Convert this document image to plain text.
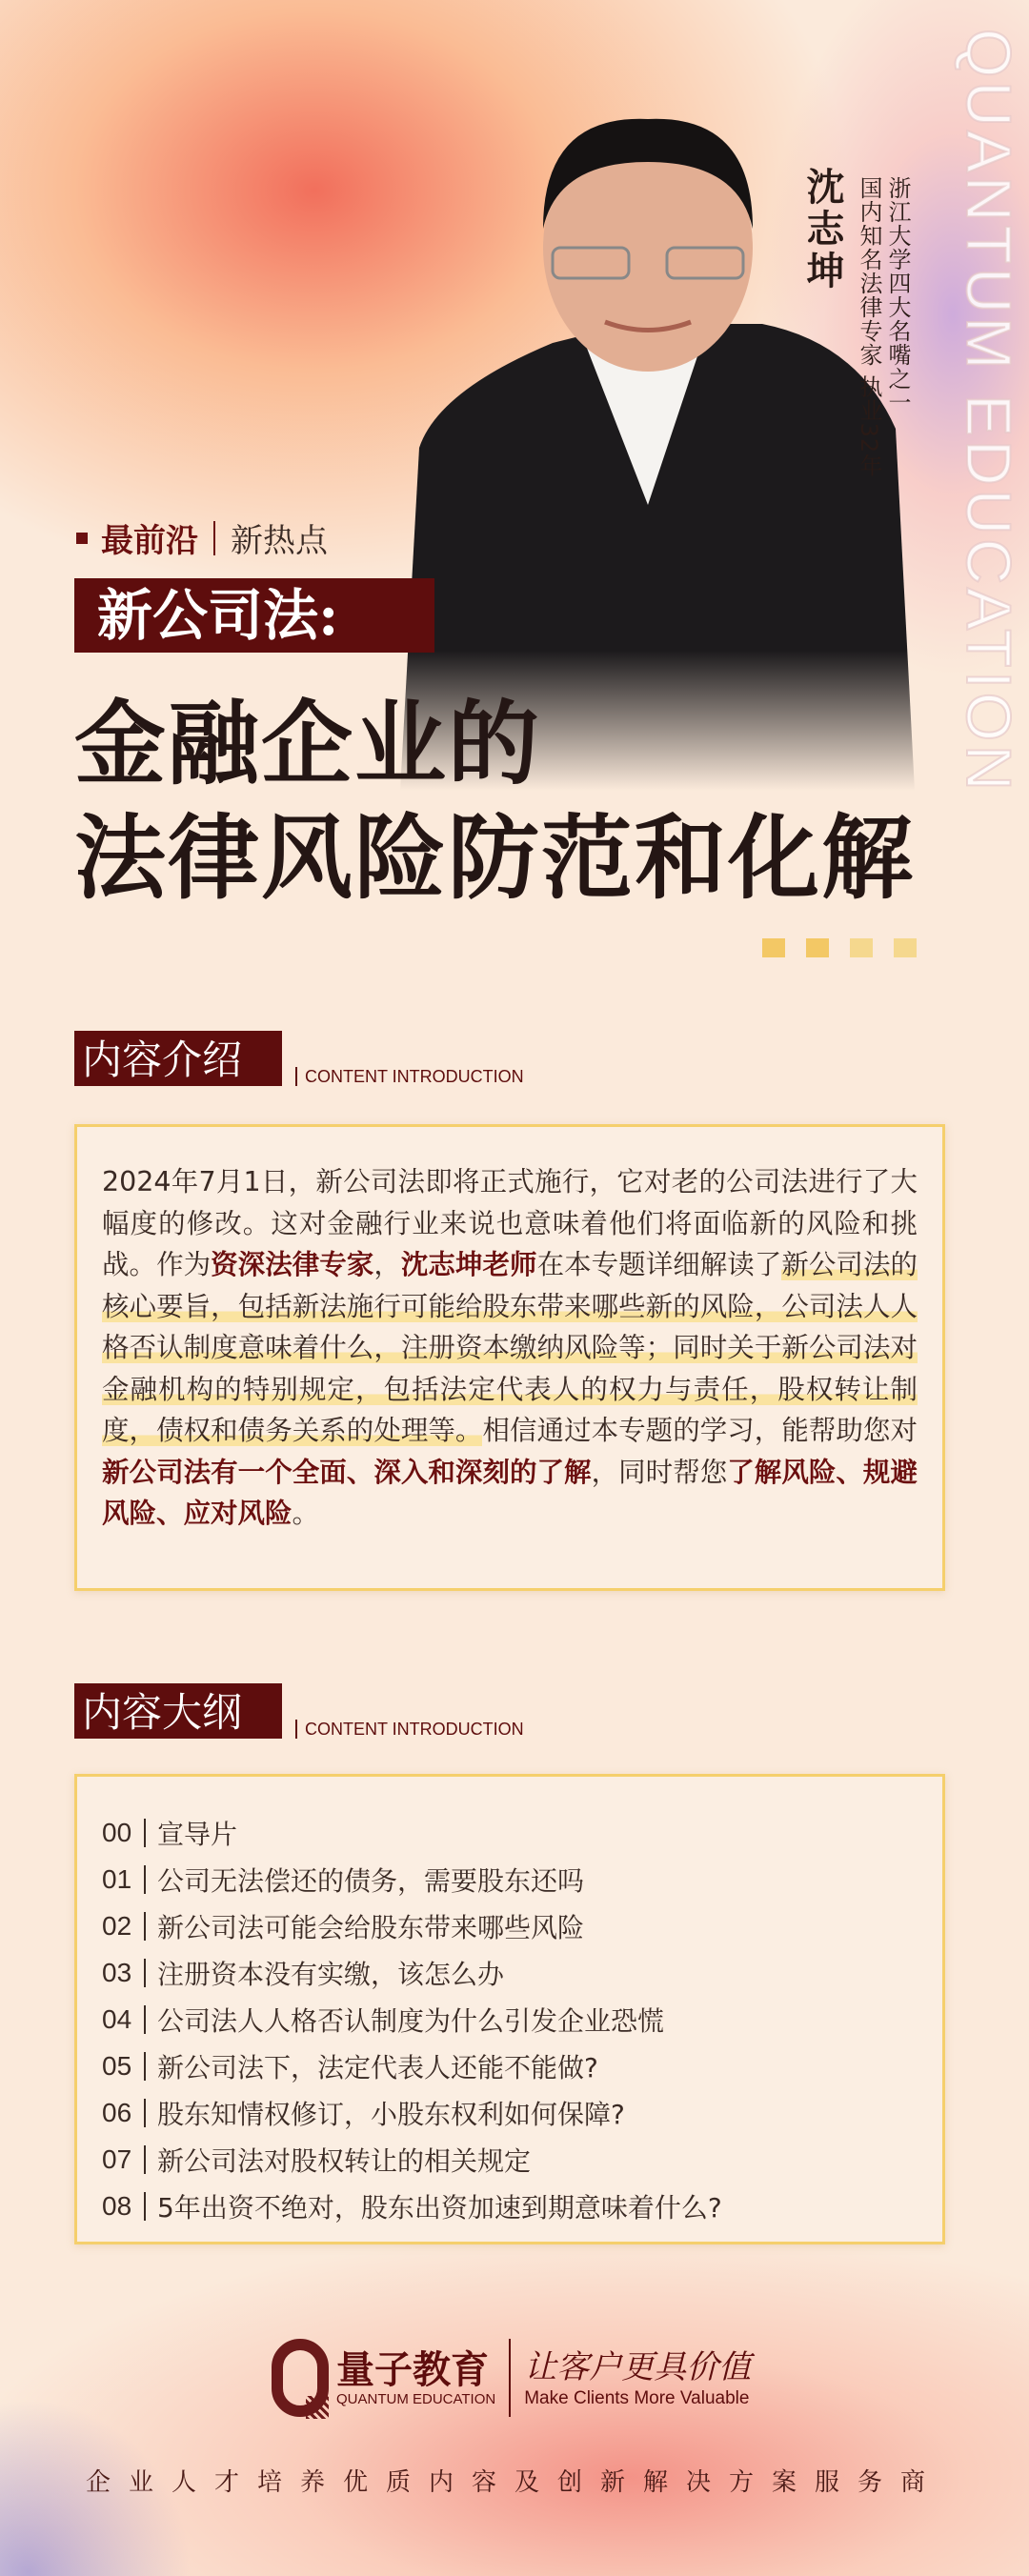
QUANTUM EDUCATION
沈志坤 浙江大学四大名嘴之一
国内知名法律专家 执业32年
最前沿 新热点
新公司法:
金融企业的
法律风险防范和化解
内容介绍	CONTENT INTRODUCTION
2024年7月1日，新公司法即将正式施行，它对老的公司法进行了大幅度的修改。这对金融行业来说也意味着他们将面临新的风险和挑战。作为资深法律专家，沈志坤老师在本专题详细解读了新公司法的核心要旨，包括新法施行可能给股东带来哪些新的风险，公司法人人格否认制度意味着什么，注册资本缴纳风险等；同时关于新公司法对金融机构的特别规定，包括法定代表人的权力与责任，股权转让制度，债权和债务关系的处理等。相信通过本专题的学习，能帮助您对新公司法有一个全面、深入和深刻的了解，同时帮您了解风险、规避风险、应对风险。
内容大纲	CONTENT INTRODUCTION
00 宣导片
01 公司无法偿还的债务，需要股东还吗
02 新公司法可能会给股东带来哪些风险
03 注册资本没有实缴，该怎么办
04 公司法人人格否认制度为什么引发企业恐慌
05 新公司法下，法定代表人还能不能做?
06 股东知情权修订，小股东权利如何保障?
07 新公司法对股权转让的相关规定
08 5年出资不绝对，股东出资加速到期意味着什么?
量子教育
QUANTUM EDUCATION
让客户更具价值
Make Clients More Valuable
企业人才培养优质内容及创新解决方案服务商
